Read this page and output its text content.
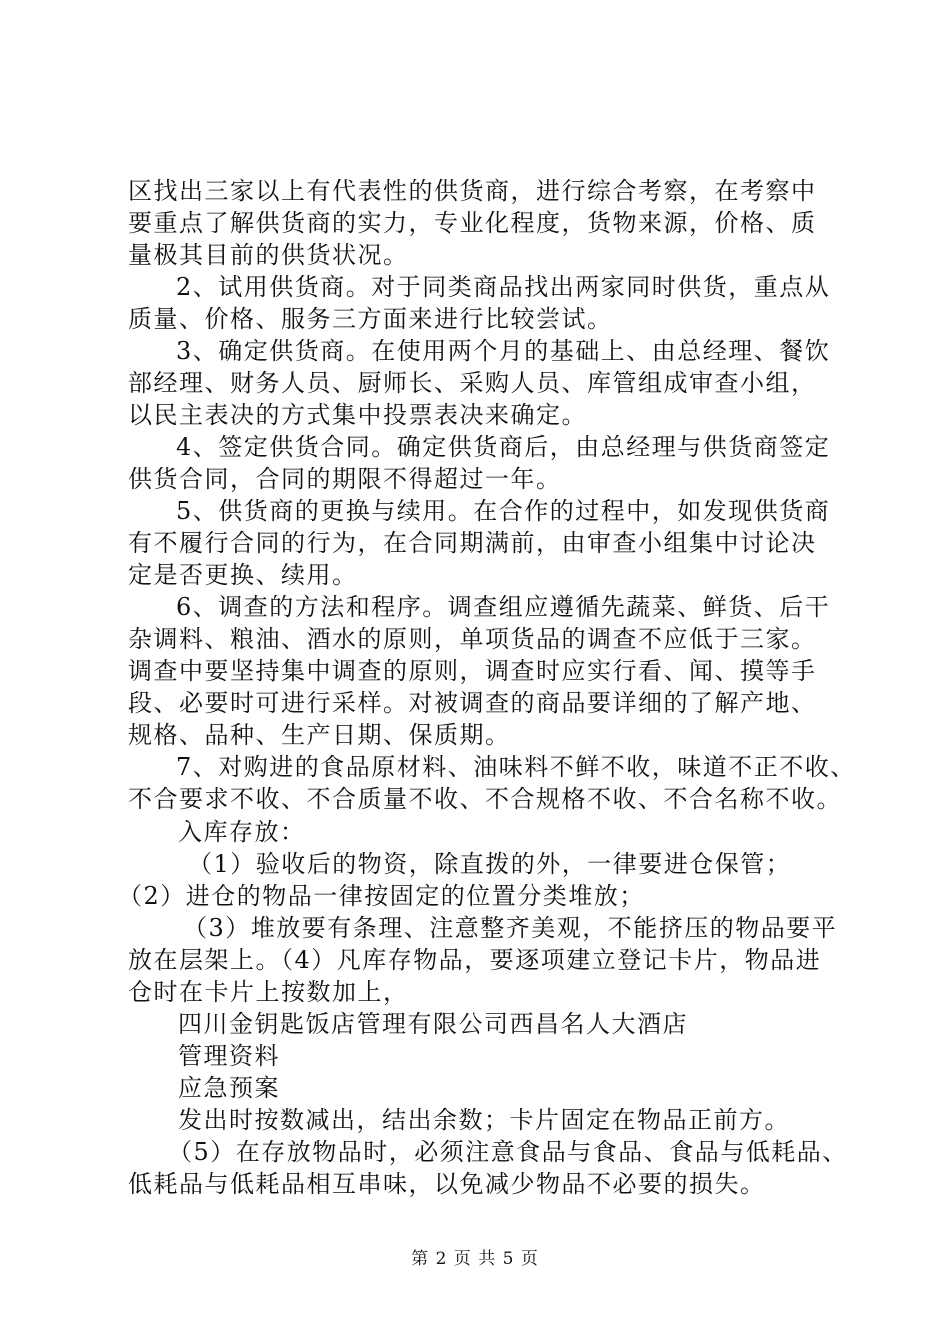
区找出三家以上有代表性的供货商，进行综合考察，在考察中
要重点了解供货商的实力，专业化程度，货物来源，价格、质
量极其目前的供货状况。

2、试用供货商。对于同类商品找出两家同时供货，重点从
质量、价格、服务三方面来进行比较尝试。

3、确定供货商。在使用两个月的基础上、由总经理、餐饮
部经理、财务人员、厨师长、采购人员、库管组成审查小组，
以民主表决的方式集中投票表决来确定。

4、签定供货合同。确定供货商后，由总经理与供货商签定
供货合同，合同的期限不得超过一年。

5、供货商的更换与续用。在合作的过程中，如发现供货商
有不履行合同的行为，在合同期满前，由审查小组集中讨论决
定是否更换、续用。

6、调查的方法和程序。调查组应遵循先蔬菜、鲜货、后干
杂调料、粮油、酒水的原则，单项货品的调查不应低于三家。
调查中要坚持集中调查的原则，调查时应实行看、闻、摸等手
段、必要时可进行采样。对被调查的商品要详细的了解产地、
规格、品种、生产日期、保质期。

7、对购进的食品原材料、油味料不鲜不收，味道不正不收、
不合要求不收、不合质量不收、不合规格不收、不合名称不收。

入库存放：
（1）验收后的物资，除直拨的外，一律要进仓保管；
（2）进仓的物品一律按固定的位置分类堆放；
（3）堆放要有条理、注意整齐美观，不能挤压的物品要平
放在层架上。（4）凡库存物品，要逐项建立登记卡片，物品进
仓时在卡片上按数加上，
四川金钥匙饭店管理有限公司西昌名人大酒店
管理资料
应急预案
发出时按数减出，结出余数；卡片固定在物品正前方。
（5）在存放物品时，必须注意食品与食品、食品与低耗品、
低耗品与低耗品相互串味，以免减少物品不必要的损失。
第 2 页 共 5 页
